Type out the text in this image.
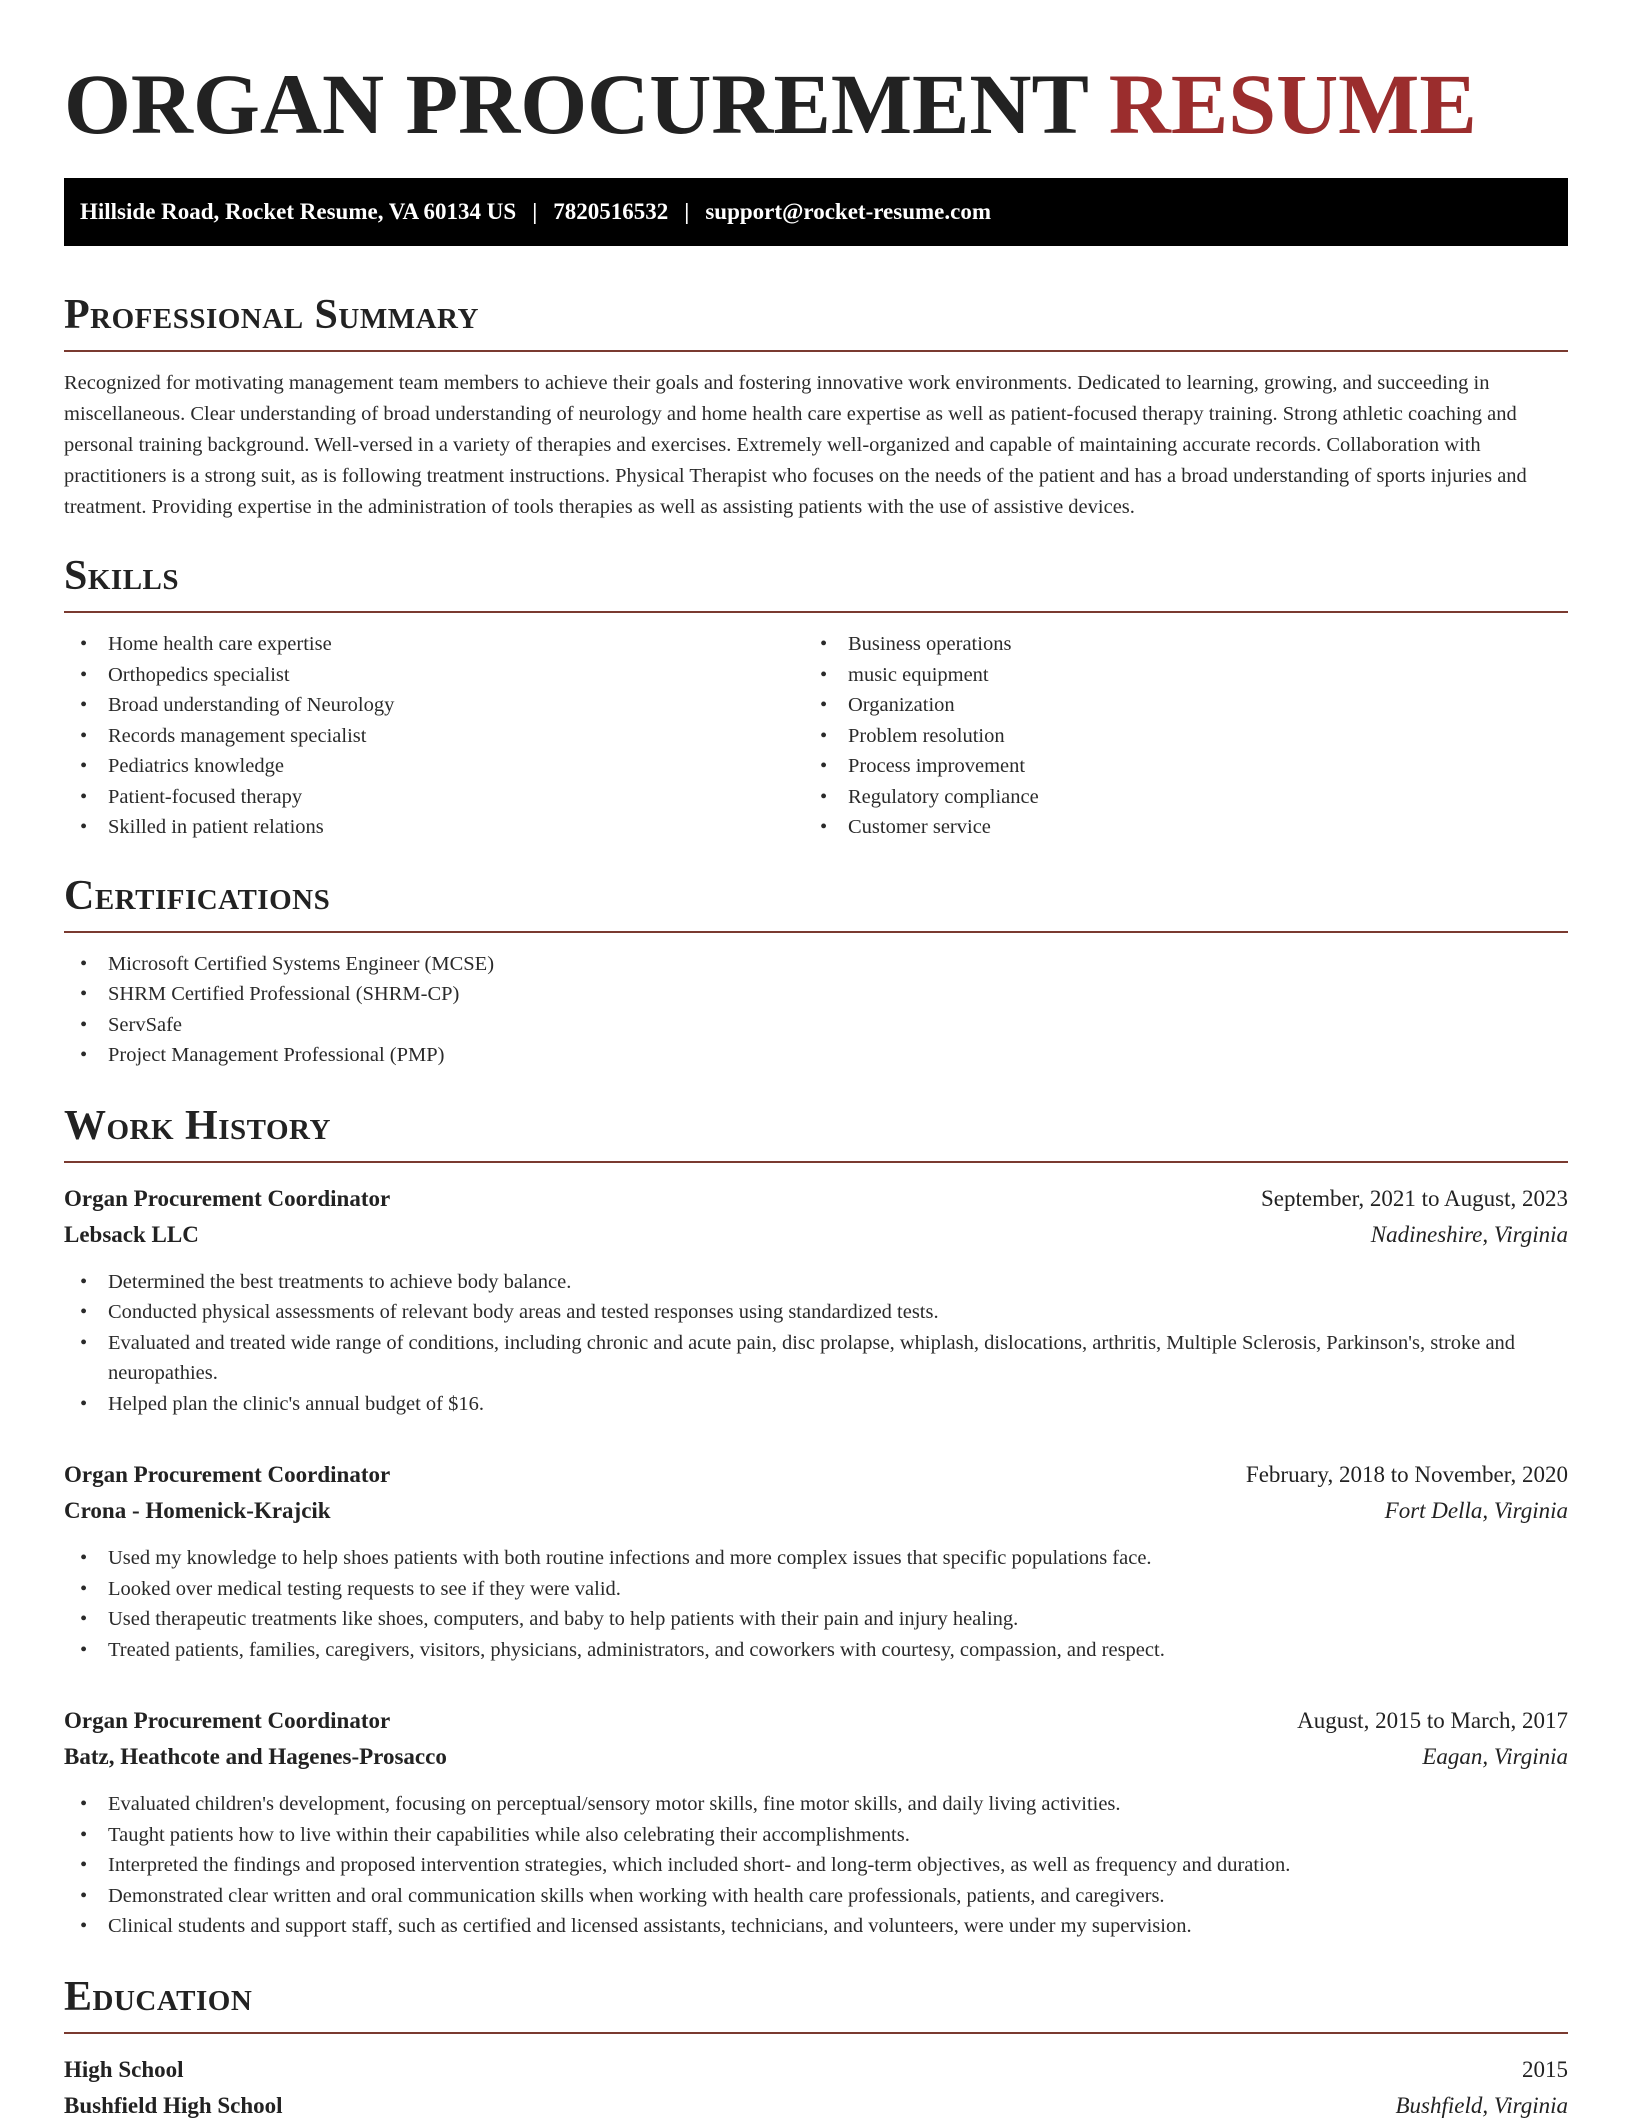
ORGAN PROCUREMENT RESUME
Hillside Road, Rocket Resume, VA 60134 US | 7820516532 | support@rocket-resume.com
Professional Summary

Recognized for motivating management team members to achieve their goals and fostering innovative work environments. Dedicated to learning, growing, and succeeding in miscellaneous. Clear understanding of broad understanding of neurology and home health care expertise as well as patient-focused therapy training. Strong athletic coaching and personal training background. Well-versed in a variety of therapies and exercises. Extremely well-organized and capable of maintaining accurate records. Collaboration with practitioners is a strong suit, as is following treatment instructions. Physical Therapist who focuses on the needs of the patient and has a broad understanding of sports injuries and treatment. Providing expertise in the administration of tools therapies as well as assisting patients with the use of assistive devices.

Skills
• Home health care expertise
• Orthopedics specialist
• Broad understanding of Neurology
• Records management specialist
• Pediatrics knowledge
• Patient-focused therapy
• Skilled in patient relations
• Business operations
• music equipment
• Organization
• Problem resolution
• Process improvement
• Regulatory compliance
• Customer service
Certifications
• Microsoft Certified Systems Engineer (MCSE)
• SHRM Certified Professional (SHRM-CP)
• ServSafe
• Project Management Professional (PMP)
Work History
Organ Procurement Coordinator	September, 2021 to August, 2023
Lebsack LLC	Nadineshire, Virginia
• Determined the best treatments to achieve body balance.
• Conducted physical assessments of relevant body areas and tested responses using standardized tests.
• Evaluated and treated wide range of conditions, including chronic and acute pain, disc prolapse, whiplash, dislocations, arthritis, Multiple Sclerosis, Parkinson's, stroke and neuropathies.
• Helped plan the clinic's annual budget of $16.
Organ Procurement Coordinator	February, 2018 to November, 2020
Crona - Homenick-Krajcik	Fort Della, Virginia
• Used my knowledge to help shoes patients with both routine infections and more complex issues that specific populations face.
• Looked over medical testing requests to see if they were valid.
• Used therapeutic treatments like shoes, computers, and baby to help patients with their pain and injury healing.
• Treated patients, families, caregivers, visitors, physicians, administrators, and coworkers with courtesy, compassion, and respect.
Organ Procurement Coordinator	August, 2015 to March, 2017
Batz, Heathcote and Hagenes-Prosacco	Eagan, Virginia
• Evaluated children's development, focusing on perceptual/sensory motor skills, fine motor skills, and daily living activities.
• Taught patients how to live within their capabilities while also celebrating their accomplishments.
• Interpreted the findings and proposed intervention strategies, which included short- and long-term objectives, as well as frequency and duration.
• Demonstrated clear written and oral communication skills when working with health care professionals, patients, and caregivers.
• Clinical students and support staff, such as certified and licensed assistants, technicians, and volunteers, were under my supervision.
Education
High School	2015
Bushfield High School	Bushfield, Virginia
